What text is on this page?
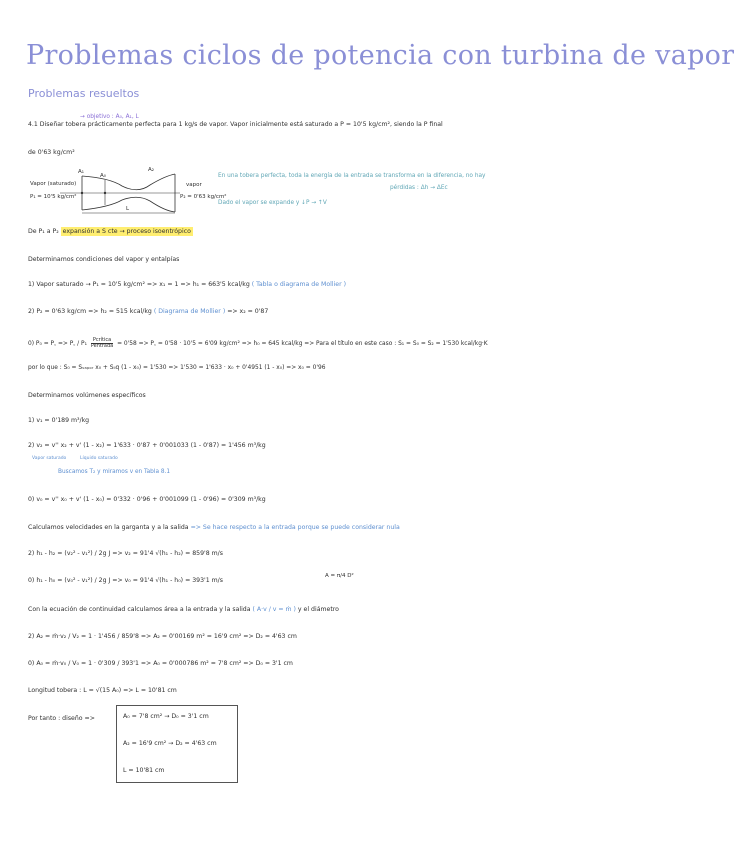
Problemas ciclos de potencia con turbina de vapor
Problemas resueltos
→ objetivo : A₀, A₁, L
4.1 Diseñar tobera prácticamente perfecta para 1 kg/s de vapor. Vapor inicialmente está saturado a P = 10'5 kg/cm², siendo la P final
de 0'63 kg/cm²
Vapor (saturado)
P₁ = 10'5 kg/cm²
A₁
A₀
A₂
vapor
P₂ = 0'63 kg/cm²
L
En una tobera perfecta, toda la energía de la entrada se transforma en la diferencia, no hay
pérdidas : Δh → ΔEc
Dado el vapor se expande y ↓P → ↑V
De P₁ a P₂ expansión a S cte → proceso isoentrópico
Determinamos condiciones del vapor y entalpías
1) Vapor saturado → P₁ = 10'5 kg/cm² => x₁ = 1 => h₁ = 663'5 kcal/kg ( Tabla o diagrama de Mollier )
2) P₂ = 0'63 kg/cm => h₂ = 515 kcal/kg ( Diagrama de Mollier ) => x₂ = 0'87
0) P₀ = P꜀ => P꜀ / P₁
Pcrítica
Pentrada = 0'58 => P꜀ = 0'58 · 10'5 = 6'09 kg/cm² => h₀ = 645 kcal/kg => Para el título en este caso : S₁ = S₀ = S₂ = 1'530 kcal/kg·K
por lo que : S₀ = Sᵥₐₚₒᵣ x₀ + Sₗᵢq (1 - x₀) = 1'530 => 1'530 = 1'633 · x₀ + 0'4951 (1 - x₀) => x₀ = 0'96
Determinamos volúmenes específicos
1) v₁ = 0'189 m³/kg
2) v₂ = v'' x₂ + v' (1 - x₂) = 1'633 · 0'87 + 0'001033 (1 - 0'87) = 1'456 m³/kg
Vapor saturado	Líquido saturado
Buscamos T₂ y miramos v en Tabla 8.1
0) v₀ = v'' x₀ + v' (1 - x₀) = 0'332 · 0'96 + 0'001099 (1 - 0'96) = 0'309 m³/kg
Calculamos velocidades en la garganta y a la salida => Se hace respecto a la entrada porque se puede considerar nula
2) h₁ - h₂ = (v₂² - v₁²) / 2g J => v₂ = 91'4 √(h₁ - h₂) = 859'8 m/s
0) h₁ - h₀ = (v₀² - v₁²) / 2g J => v₀ = 91'4 √(h₁ - h₀) = 393'1 m/s
A = π/4 D²
Con la ecuación de continuidad calculamos área a la entrada y la salida ( A·v / v = ṁ ) y el diámetro
2) A₂ = ṁ·v₂ / V₂ = 1 · 1'456 / 859'8 => A₂ = 0'00169 m² = 16'9 cm² => D₂ = 4'63 cm
0) A₀ = ṁ·v₀ / V₀ = 1 · 0'309 / 393'1 => A₀ = 0'000786 m² = 7'8 cm² => D₀ = 3'1 cm
Longitud tobera : L = √(15 A₀) => L = 10'81 cm
Por tanto : diseño =>	A₀ = 7'8 cm² → D₀ = 3'1 cm
A₂ = 16'9 cm² → D₂ = 4'63 cm
L = 10'81 cm
